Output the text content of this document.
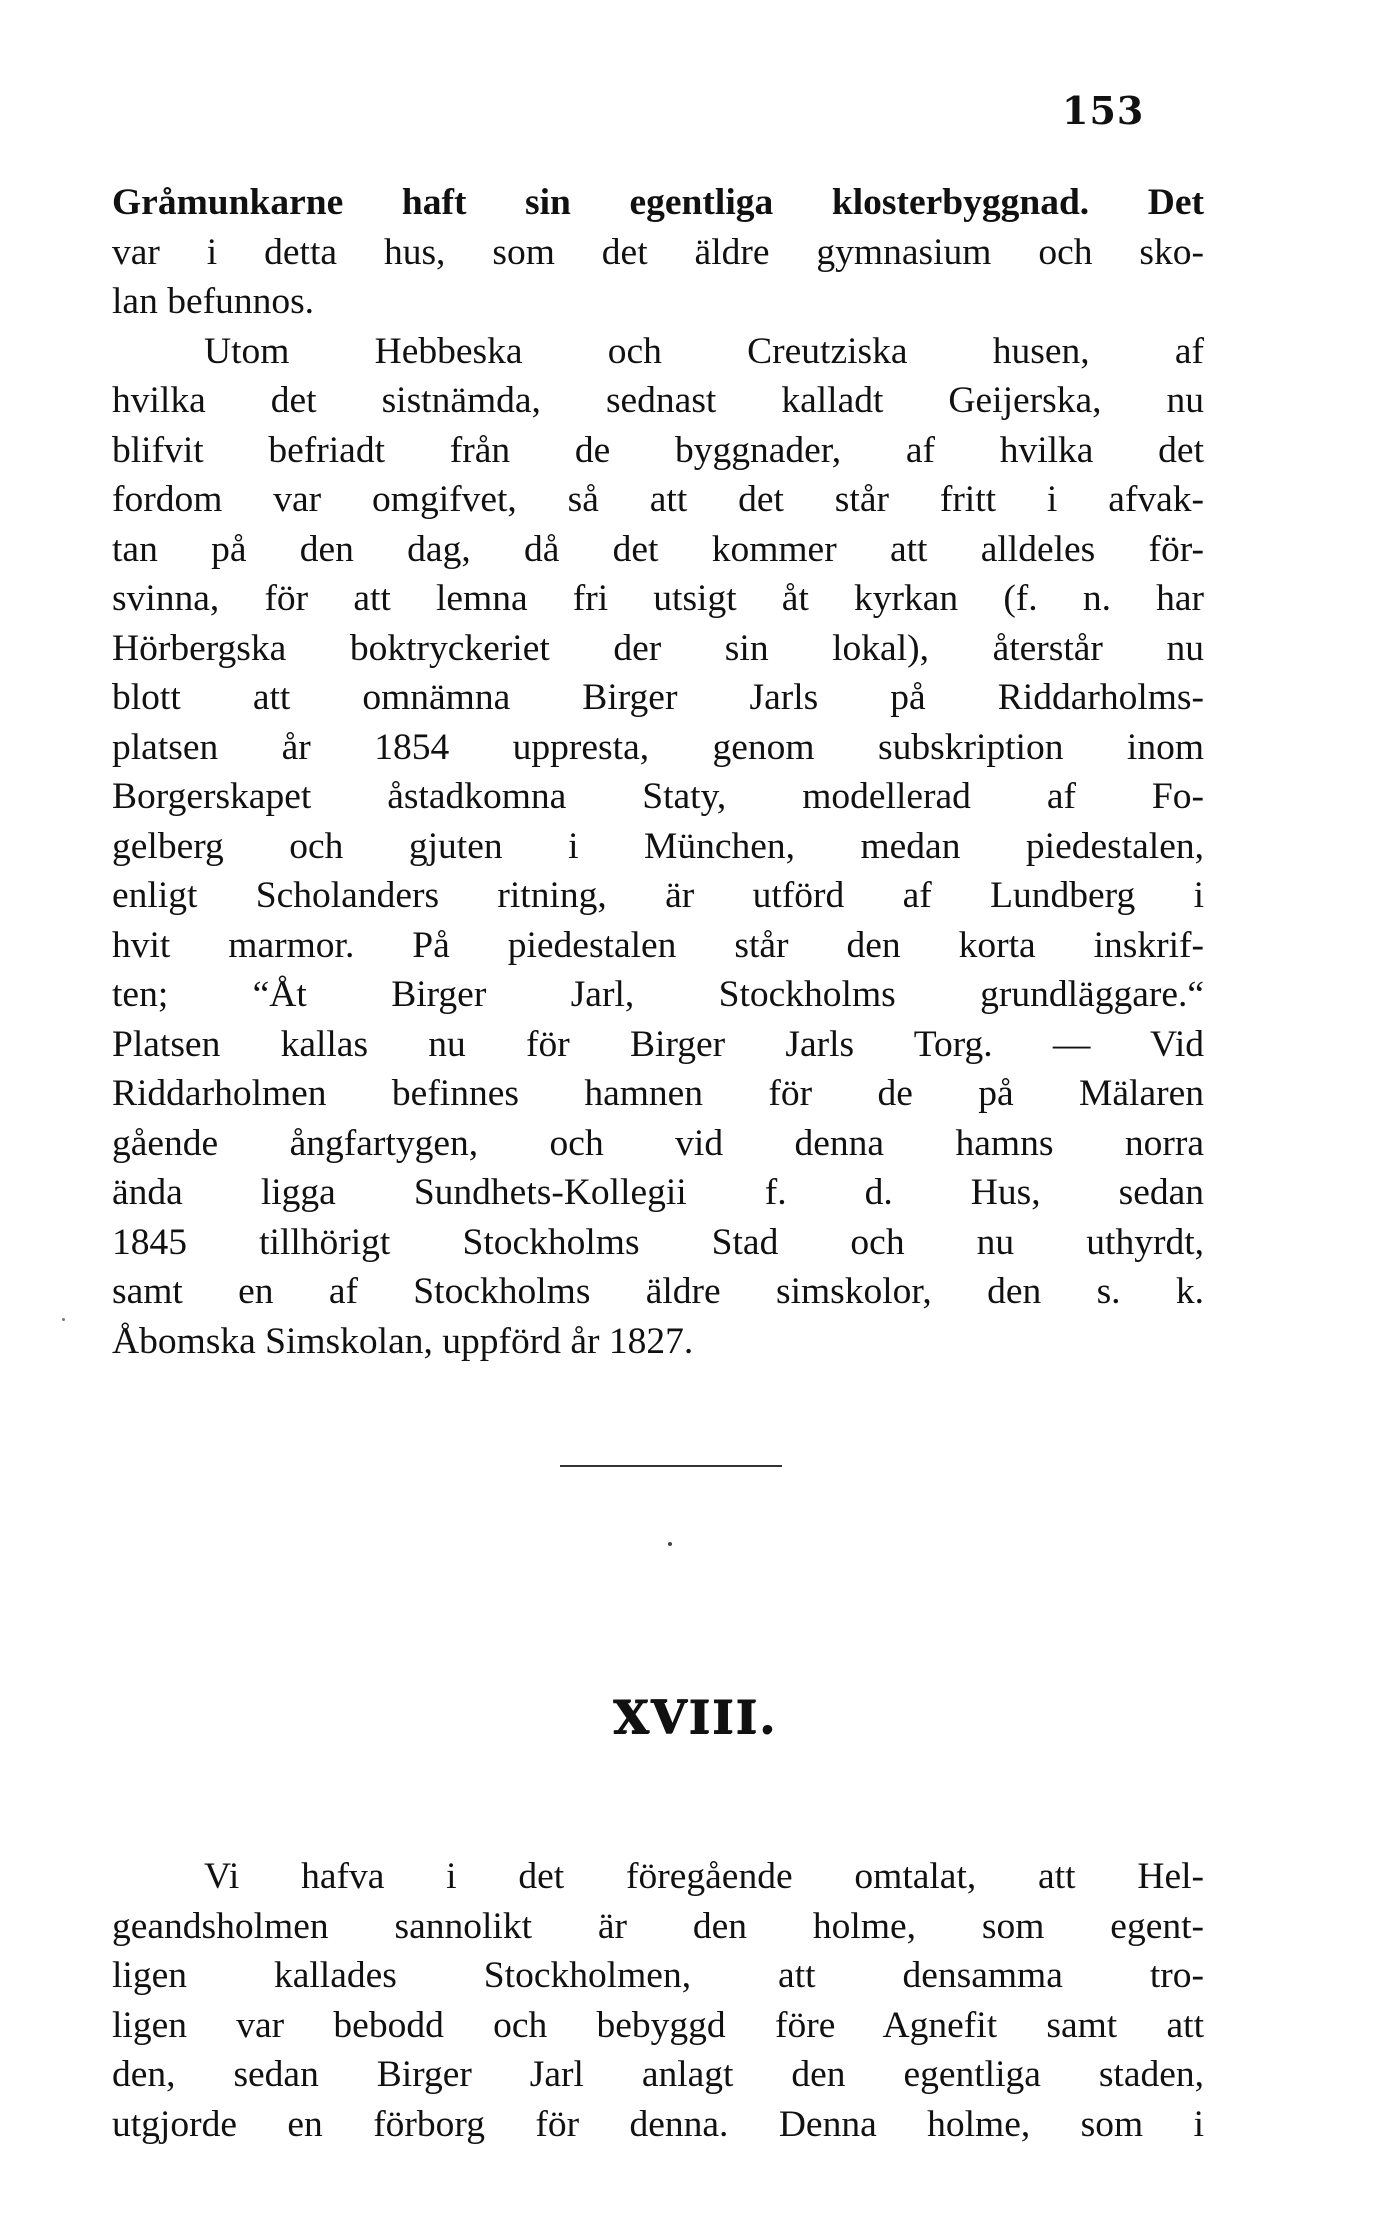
153
Gråmunkarne haft sin egentliga klosterbyggnad. Det
var i detta hus, som det äldre gymnasium och sko-
lan befunnos.
Utom Hebbeska och Creutziska husen, af
hvilka det sistnämda, sednast kalladt Geijerska, nu
blifvit befriadt från de byggnader, af hvilka det
fordom var omgifvet, så att det står fritt i afvak-
tan på den dag, då det kommer att alldeles för-
svinna, för att lemna fri utsigt åt kyrkan (f. n. har
Hörbergska boktryckeriet der sin lokal), återstår nu
blott att omnämna Birger Jarls på Riddarholms-
platsen år 1854 uppresta, genom subskription inom
Borgerskapet åstadkomna Staty, modellerad af Fo-
gelberg och gjuten i München, medan piedestalen,
enligt Scholanders ritning, är utförd af Lundberg i
hvit marmor. På piedestalen står den korta inskrif-
ten; “Åt Birger Jarl, Stockholms grundläggare.“
Platsen kallas nu för Birger Jarls Torg. — Vid
Riddarholmen befinnes hamnen för de på Mälaren
gående ångfartygen, och vid denna hamns norra
ända ligga Sundhets-Kollegii f. d. Hus, sedan
1845 tillhörigt Stockholms Stad och nu uthyrdt,
samt en af Stockholms äldre simskolor, den s. k.
Åbomska Simskolan, uppförd år 1827.
XVIII.
Vi hafva i det föregående omtalat, att Hel-
geandsholmen sannolikt är den holme, som egent-
ligen kallades Stockholmen, att densamma tro-
ligen var bebodd och bebyggd före Agnefit samt att
den, sedan Birger Jarl anlagt den egentliga staden,
utgjorde en förborg för denna. Denna holme, som i
